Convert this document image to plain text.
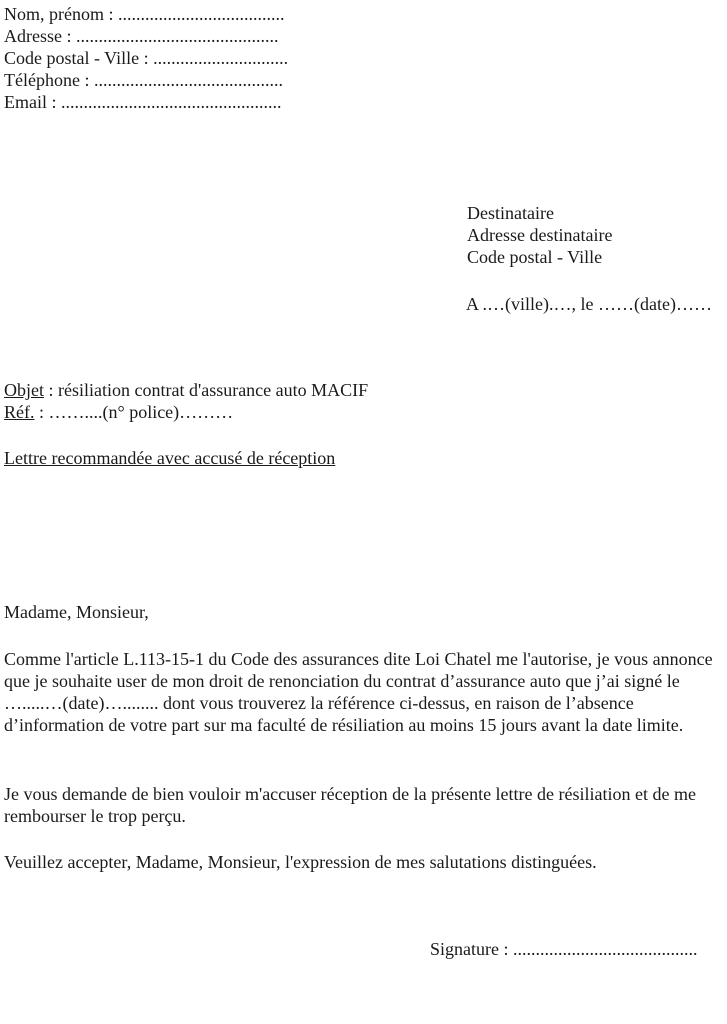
Nom, prénom : .....................................
Adresse : .............................................
Code postal - Ville : ..............................
Téléphone : ..........................................
Email : .................................................
Destinataire
Adresse destinataire
Code postal - Ville
A .…(ville).…, le ……(date)……
Objet : résiliation contrat d'assurance auto MACIF
Réf. : ……....(n° police)………
Lettre recommandée avec accusé de réception
Madame, Monsieur,
Comme l'article L.113-15-1 du Code des assurances dite Loi Chatel me l'autorise, je vous annonce que je souhaite user de mon droit de renonciation du contrat d’assurance auto que j’ai signé le ….....…(date)…........ dont vous trouverez la référence ci-dessus, en raison de l’absence d’information de votre part sur ma faculté de résiliation au moins 15 jours avant la date limite.
Je vous demande de bien vouloir m'accuser réception de la présente lettre de résiliation et de me rembourser le trop perçu.
Veuillez accepter, Madame, Monsieur, l'expression de mes salutations distinguées.
Signature : .........................................
